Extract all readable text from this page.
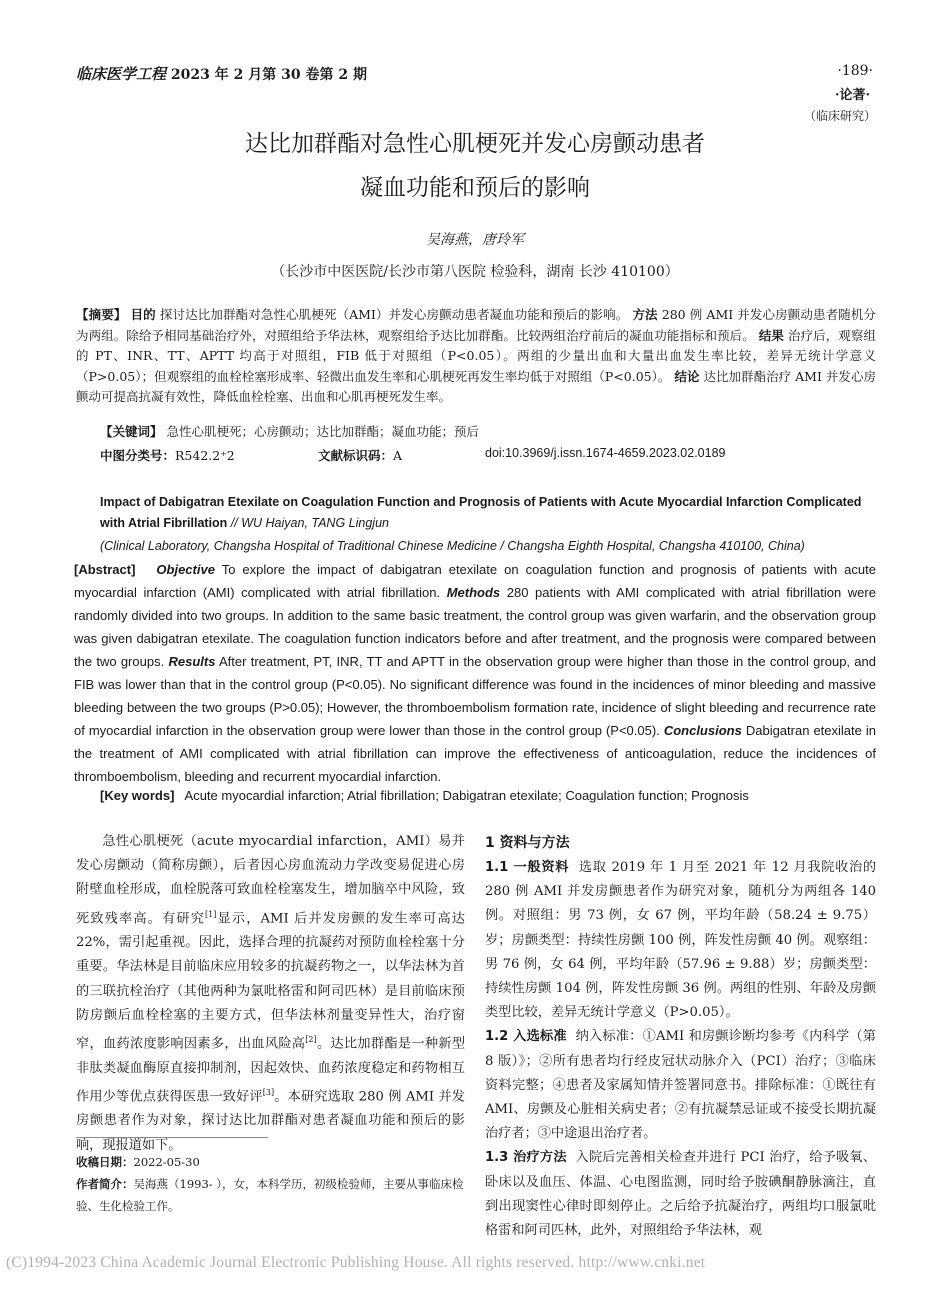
临床医学工程 2023 年 2 月第 30 卷第 2 期	·189·
·论著·
（临床研究）
达比加群酯对急性心肌梗死并发心房颤动患者
凝血功能和预后的影响
吴海燕，唐玲军
（长沙市中医医院/长沙市第八医院 检验科，湖南 长沙 410100）
【摘要】 目的 探讨达比加群酯对急性心肌梗死（AMI）并发心房颤动患者凝血功能和预后的影响。 方法 280 例 AMI 并发心房颤动患者随机分为两组。除给予相同基础治疗外，对照组给予华法林，观察组给予达比加群酯。比较两组治疗前后的凝血功能指标和预后。 结果 治疗后，观察组的 PT、INR、TT、APTT 均高于对照组，FIB 低于对照组（P<0.05）。两组的少量出血和大量出血发生率比较，差异无统计学意义（P>0.05）；但观察组的血栓栓塞形成率、轻微出血发生率和心肌梗死再发生率均低于对照组（P<0.05）。 结论 达比加群酯治疗 AMI 并发心房颤动可提高抗凝有效性，降低血栓栓塞、出血和心肌再梗死发生率。
【关键词】 急性心肌梗死；心房颤动；达比加群酯；凝血功能；预后
中图分类号：R542.2⁺2	文献标识码：A	doi:10.3969/j.issn.1674-4659.2023.02.0189
Impact of Dabigatran Etexilate on Coagulation Function and Prognosis of Patients with Acute Myocardial Infarction Complicated with Atrial Fibrillation // WU Haiyan, TANG Lingjun
(Clinical Laboratory, Changsha Hospital of Traditional Chinese Medicine / Changsha Eighth Hospital, Changsha 410100, China)
[Abstract] Objective To explore the impact of dabigatran etexilate on coagulation function and prognosis of patients with acute myocardial infarction (AMI) complicated with atrial fibrillation. Methods 280 patients with AMI complicated with atrial fibrillation were randomly divided into two groups. In addition to the same basic treatment, the control group was given warfarin, and the observation group was given dabigatran etexilate. The coagulation function indicators before and after treatment, and the prognosis were compared between the two groups. Results After treatment, PT, INR, TT and APTT in the observation group were higher than those in the control group, and FIB was lower than that in the control group (P<0.05). No significant difference was found in the incidences of minor bleeding and massive bleeding between the two groups (P>0.05); However, the thromboembolism formation rate, incidence of slight bleeding and recurrence rate of myocardial infarction in the observation group were lower than those in the control group (P<0.05). Conclusions Dabigatran etexilate in the treatment of AMI complicated with atrial fibrillation can improve the effectiveness of anticoagulation, reduce the incidences of thromboembolism, bleeding and recurrent myocardial infarction.
[Key words] Acute myocardial infarction; Atrial fibrillation; Dabigatran etexilate; Coagulation function; Prognosis
急性心肌梗死（acute myocardial infarction，AMI）易并发心房颤动（简称房颤），后者因心房血流动力学改变易促进心房附壁血栓形成，血栓脱落可致血栓栓塞发生，增加脑卒中风险，致死致残率高。有研究[1]显示，AMI 后并发房颤的发生率可高达 22%，需引起重视。因此，选择合理的抗凝药对预防血栓栓塞十分重要。华法林是目前临床应用较多的抗凝药物之一，以华法林为首的三联抗栓治疗（其他两种为氯吡格雷和阿司匹林）是目前临床预防房颤后血栓栓塞的主要方式，但华法林剂量变异性大，治疗窗窄，血药浓度影响因素多，出血风险高[2]。达比加群酯是一种新型非肽类凝血酶原直接抑制剂，因起效快、血药浓度稳定和药物相互作用少等优点获得医患一致好评[3]。本研究选取 280 例 AMI 并发房颤患者作为对象，探讨达比加群酯对患者凝血功能和预后的影响，现报道如下。
收稿日期：2022-05-30
作者简介：吴海燕（1993- ），女，本科学历，初级检验师，主要从事临床检验、生化检验工作。
1 资料与方法
1.1 一般资料 选取 2019 年 1 月至 2021 年 12 月我院收治的 280 例 AMI 并发房颤患者作为研究对象，随机分为两组各 140 例。对照组：男 73 例，女 67 例，平均年龄（58.24 ± 9.75）岁；房颤类型：持续性房颤 100 例，阵发性房颤 40 例。观察组：男 76 例，女 64 例，平均年龄（57.96 ± 9.88）岁；房颤类型：持续性房颤 104 例，阵发性房颤 36 例。两组的性别、年龄及房颤类型比较，差异无统计学意义（P>0.05）。
1.2 入选标准 纳入标准：①AMI 和房颤诊断均参考《内科学（第 8 版）》；②所有患者均行经皮冠状动脉介入（PCI）治疗；③临床资料完整；④患者及家属知情并签署同意书。排除标准：①既往有 AMI、房颤及心脏相关病史者；②有抗凝禁忌证或不接受长期抗凝治疗者；③中途退出治疗者。
1.3 治疗方法 入院后完善相关检查并进行 PCI 治疗，给予吸氧、卧床以及血压、体温、心电图监测，同时给予胺碘酮静脉滴注，直到出现窦性心律时即刻停止。之后给予抗凝治疗，两组均口服氯吡格雷和阿司匹林，此外，对照组给予华法林，观
(C)1994-2023 China Academic Journal Electronic Publishing House. All rights reserved. http://www.cnki.net
